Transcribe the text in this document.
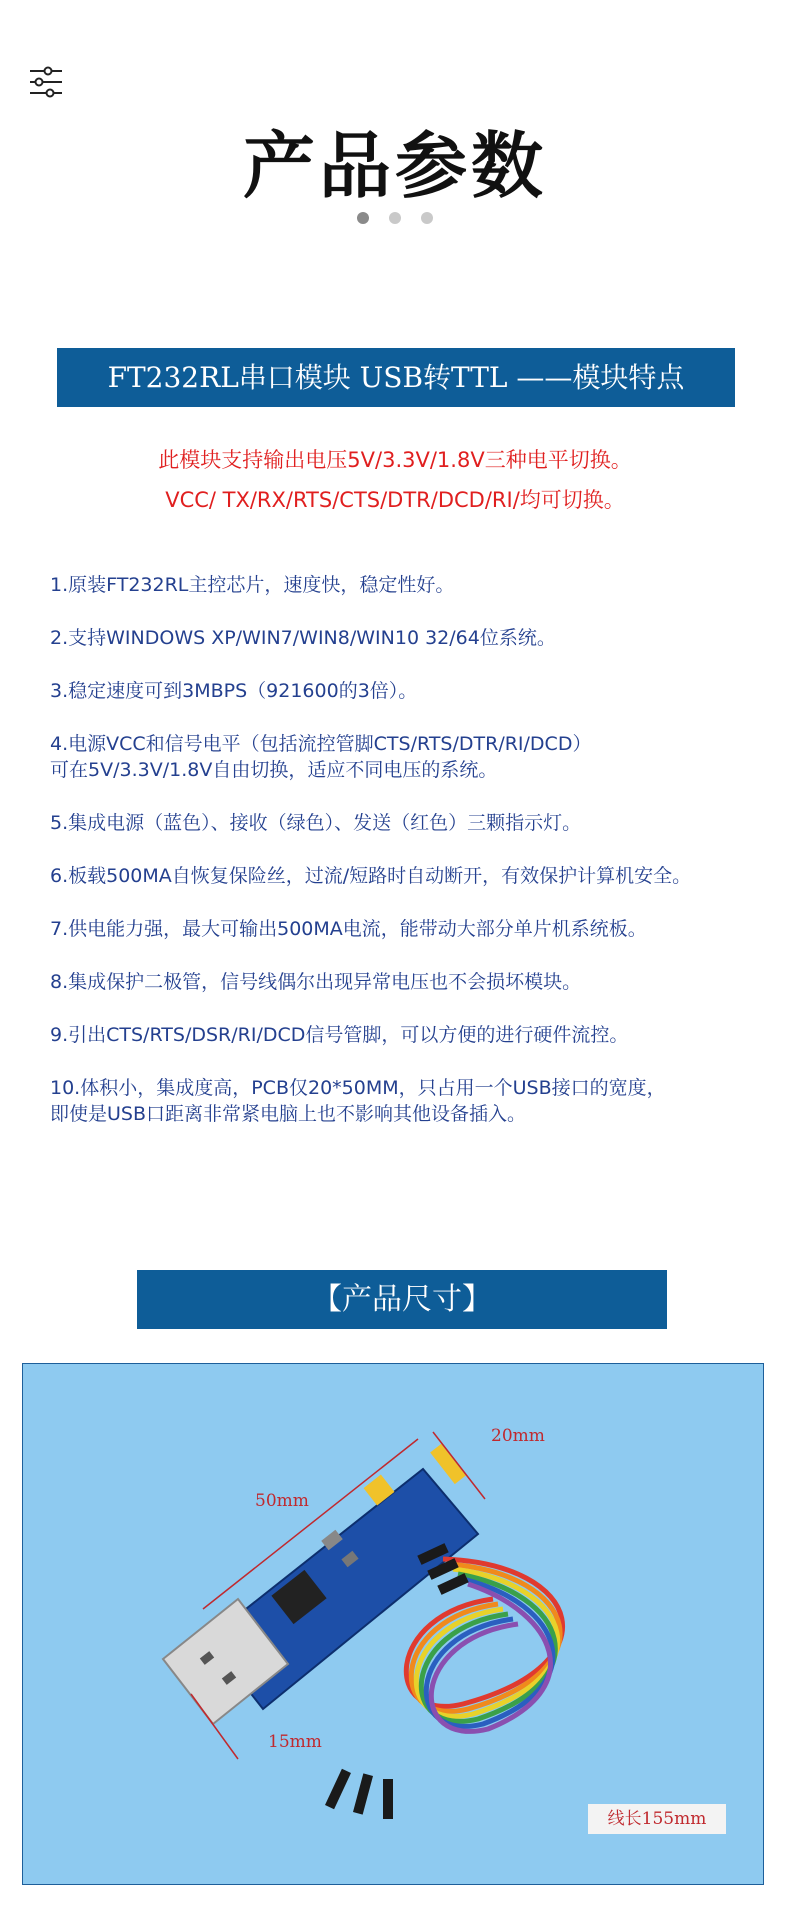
产品参数
FT232RL串口模块 USB转TTL ——模块特点
此模块支持输出电压5V/3.3V/1.8V三种电平切换。
VCC/ TX/RX/RTS/CTS/DTR/DCD/RI/均可切换。
1.原装FT232RL主控芯片，速度快，稳定性好。
2.支持WINDOWS XP/WIN7/WIN8/WIN10 32/64位系统。
3.稳定速度可到3MBPS（921600的3倍）。
4.电源VCC和信号电平（包括流控管脚CTS/RTS/DTR/RI/DCD）
可在5V/3.3V/1.8V自由切换，适应不同电压的系统。
5.集成电源（蓝色）、接收（绿色）、发送（红色）三颗指示灯。
6.板载500MA自恢复保险丝，过流/短路时自动断开，有效保护计算机安全。
7.供电能力强，最大可输出500MA电流，能带动大部分单片机系统板。
8.集成保护二极管，信号线偶尔出现异常电压也不会损坏模块。
9.引出CTS/RTS/DSR/RI/DCD信号管脚，可以方便的进行硬件流控。
10.体积小，集成度高，PCB仅20*50MM，只占用一个USB接口的宽度，
即使是USB口距离非常紧电脑上也不影响其他设备插入。
【产品尺寸】
50mm
20mm
15mm
线长155mm
